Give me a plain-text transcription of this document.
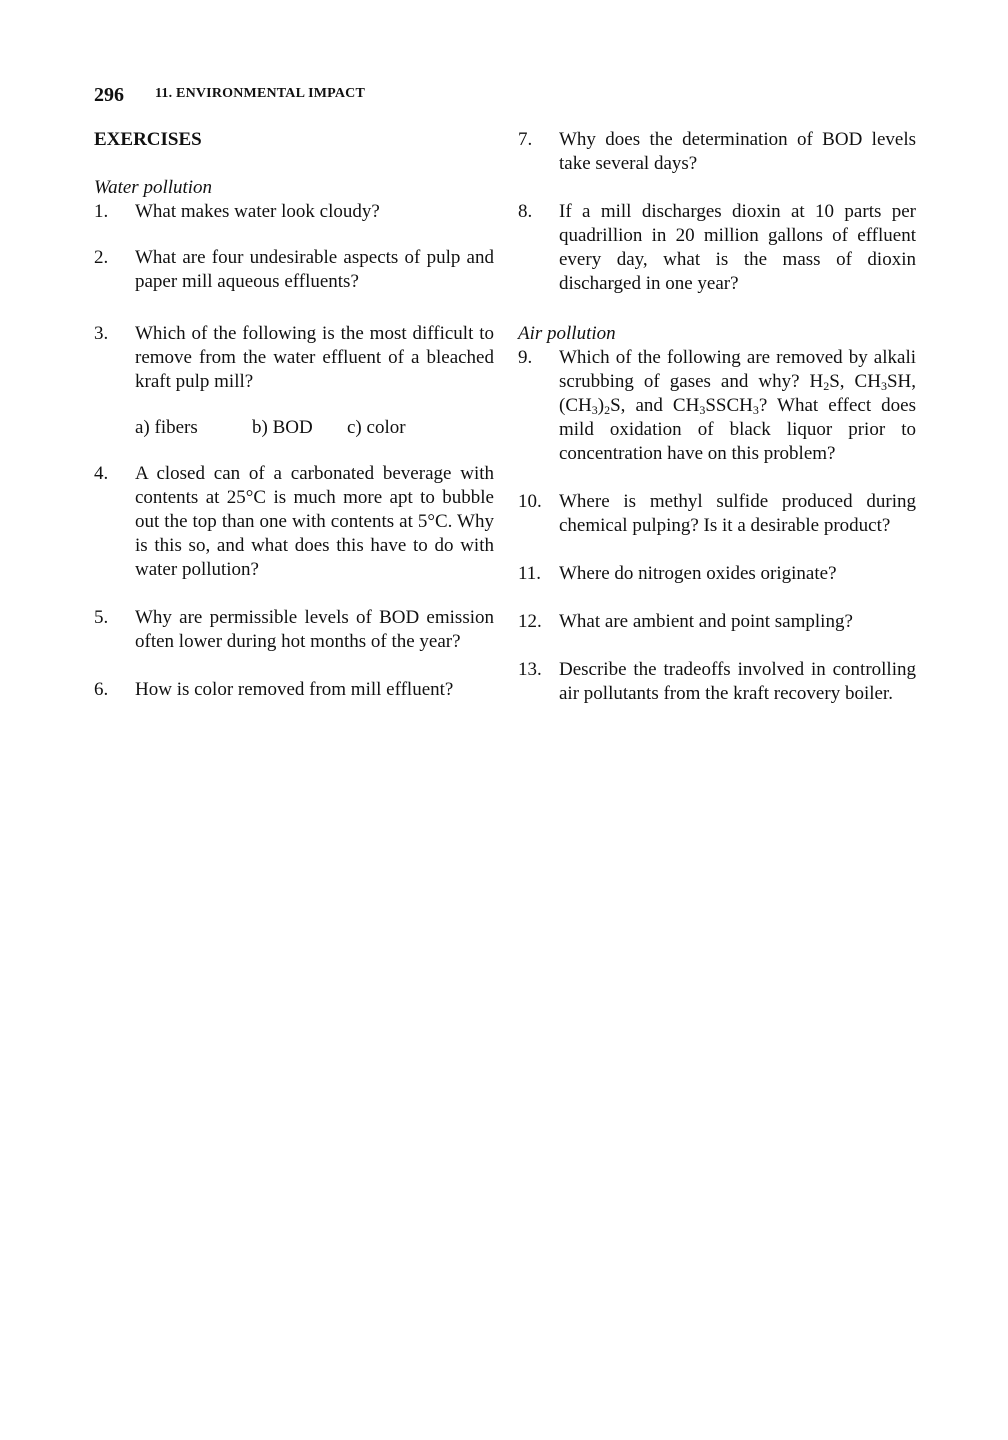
296 11. ENVIRONMENTAL IMPACT
EXERCISES
Water pollution
1.	What makes water look cloudy?
2.	What are four undesirable aspects of pulp and paper mill aqueous effluents?
3.	Which of the following is the most difficult to remove from the water effluent of a bleached kraft pulp mill?
a) fibers	b) BOD	c) color
4.	A closed can of a carbonated beverage with contents at 25°C is much more apt to bubble out the top than one with contents at 5°C. Why is this so, and what does this have to do with water pollution?
5.	Why are permissible levels of BOD emission often lower during hot months of the year?
6.	How is color removed from mill effluent?
7.	Why does the determination of BOD levels take several days?
8.	If a mill discharges dioxin at 10 parts per quadrillion in 20 million gallons of effluent every day, what is the mass of dioxin discharged in one year?
Air pollution
9.	Which of the following are removed by alkali scrubbing of gases and why? $H_2S$, $CH_3SH$, $(CH_3)_2S$, and $CH_3SSCH_3$? What effect does mild oxidation of black liquor prior to concentration have on this problem?
10. Where is methyl sulfide produced during chemical pulping? Is it a desirable product?
11. Where do nitrogen oxides originate?
12. What are ambient and point sampling?
13. Describe the tradeoffs involved in controlling air pollutants from the kraft recovery boiler.
